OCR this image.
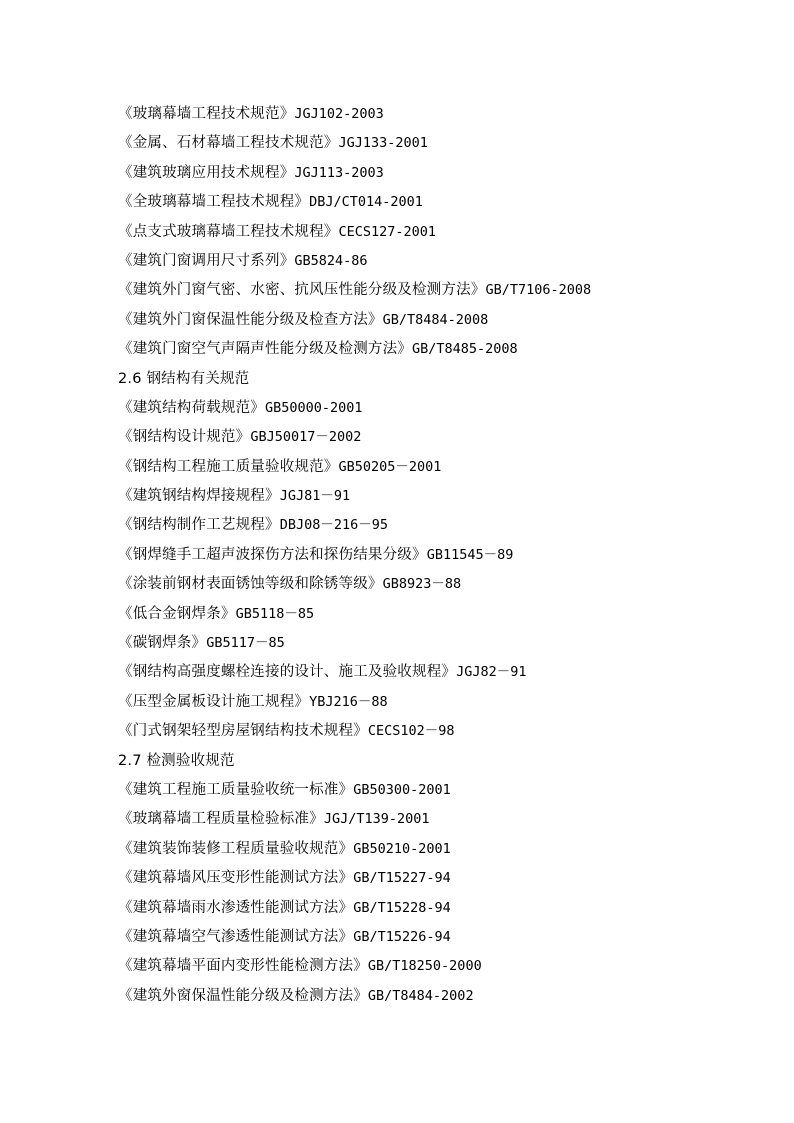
《玻璃幕墙工程技术规范》JGJ102-2003
《金属、石材幕墙工程技术规范》JGJ133-2001
《建筑玻璃应用技术规程》JGJ113-2003
《全玻璃幕墙工程技术规程》DBJ/CT014-2001
《点支式玻璃幕墙工程技术规程》CECS127-2001
《建筑门窗调用尺寸系列》GB5824-86
《建筑外门窗气密、水密、抗风压性能分级及检测方法》GB/T7106-2008
《建筑外门窗保温性能分级及检查方法》GB/T8484-2008
《建筑门窗空气声隔声性能分级及检测方法》GB/T8485-2008
2.6 钢结构有关规范
《建筑结构荷载规范》GB50000-2001
《钢结构设计规范》GBJ50017－2002
《钢结构工程施工质量验收规范》GB50205－2001
《建筑钢结构焊接规程》JGJ81－91
《钢结构制作工艺规程》DBJ08－216－95
《钢焊缝手工超声波探伤方法和探伤结果分级》GB11545－89
《涂装前钢材表面锈蚀等级和除锈等级》GB8923－88
《低合金钢焊条》GB5118－85
《碳钢焊条》GB5117－85
《钢结构高强度螺栓连接的设计、施工及验收规程》JGJ82－91
《压型金属板设计施工规程》YBJ216－88
《门式钢架轻型房屋钢结构技术规程》CECS102－98
2.7 检测验收规范
《建筑工程施工质量验收统一标准》GB50300-2001
《玻璃幕墙工程质量检验标准》JGJ/T139-2001
《建筑装饰装修工程质量验收规范》GB50210-2001
《建筑幕墙风压变形性能测试方法》GB/T15227-94
《建筑幕墙雨水渗透性能测试方法》GB/T15228-94
《建筑幕墙空气渗透性能测试方法》GB/T15226-94
《建筑幕墙平面内变形性能检测方法》GB/T18250-2000
《建筑外窗保温性能分级及检测方法》GB/T8484-2002
